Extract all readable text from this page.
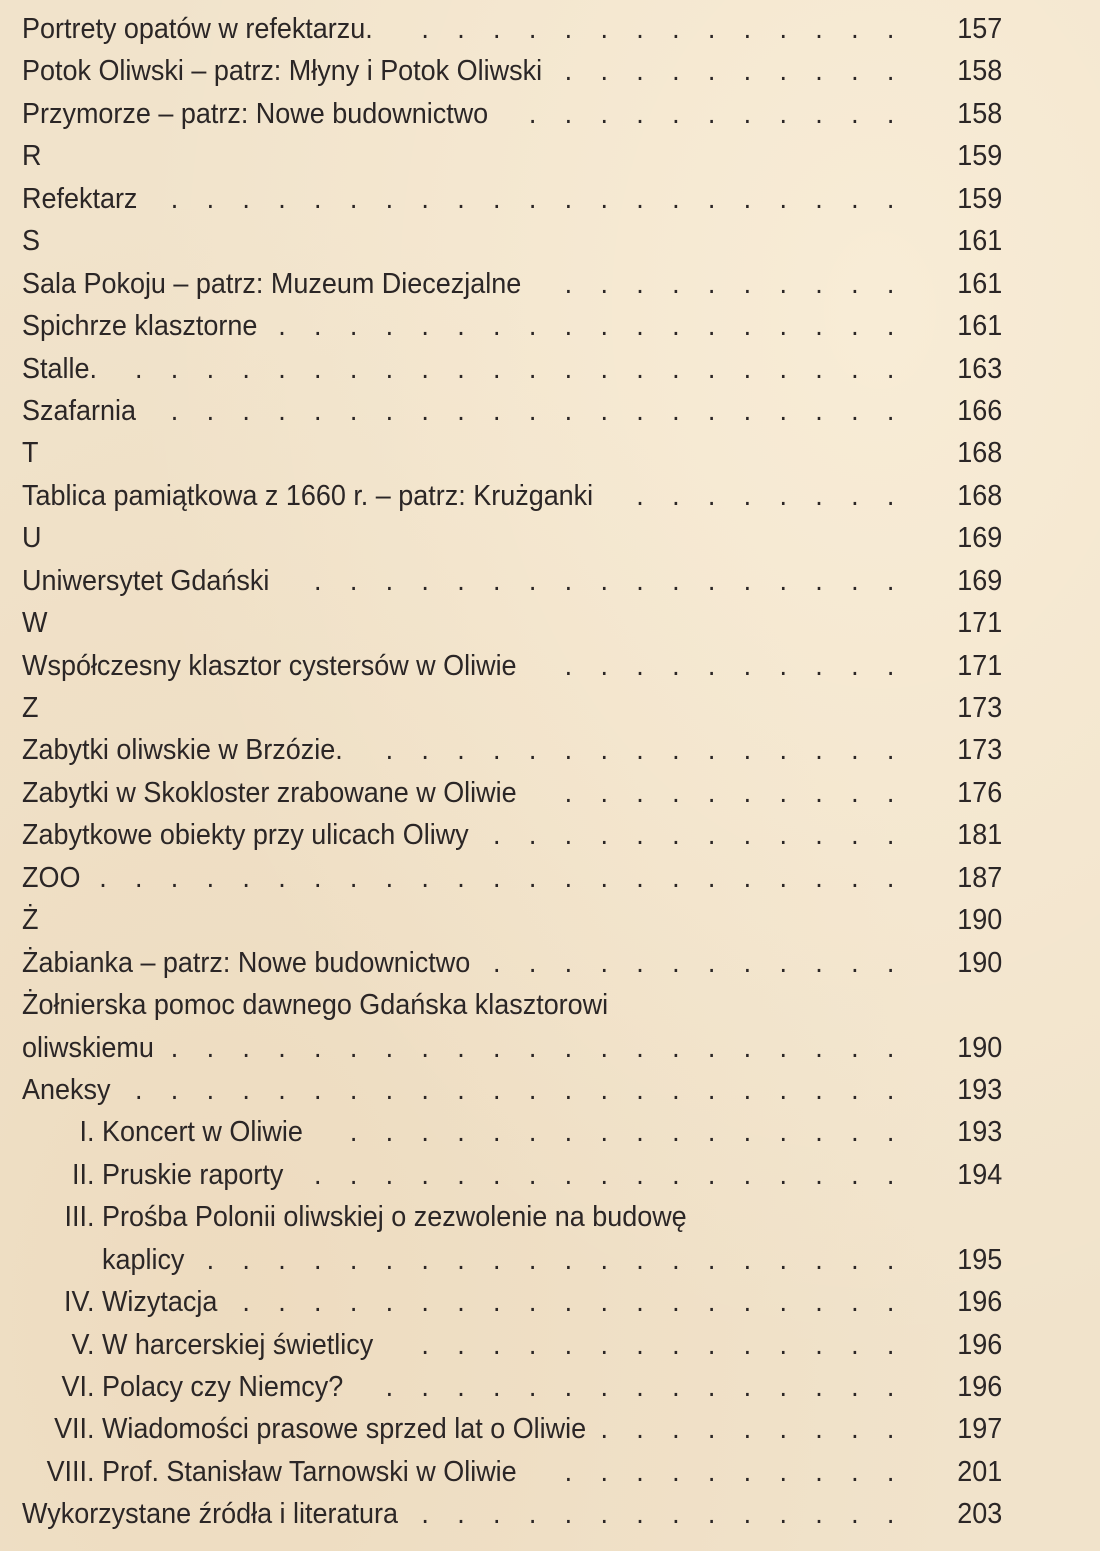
Portrety opatów w refektarzu.	157
.
.
.
.
.
.
.
.
.
.
.
.
.
.
Potok Oliwski – patrz: Młyny i Potok Oliwski	158
.
.
.
.
.
.
.
.
.
.
Przymorze – patrz: Nowe budownictwo	158
.
.
.
.
.
.
.
.
.
.
.
R	159
Refektarz	159
.
.
.
.
.
.
.
.
.
.
.
.
.
.
.
.
.
.
.
.
.
S	161
Sala Pokoju – patrz: Muzeum Diecezjalne	161
.
.
.
.
.
.
.
.
.
.
Spichrze klasztorne	161
.
.
.
.
.
.
.
.
.
.
.
.
.
.
.
.
.
.
Stalle.	163
.
.
.
.
.
.
.
.
.
.
.
.
.
.
.
.
.
.
.
.
.
.
Szafarnia	166
.
.
.
.
.
.
.
.
.
.
.
.
.
.
.
.
.
.
.
.
.
T	168
Tablica pamiątkowa z 1660 r. – patrz: Krużganki	168
.
.
.
.
.
.
.
.
U	169
Uniwersytet Gdański	169
.
.
.
.
.
.
.
.
.
.
.
.
.
.
.
.
.
W	171
Współczesny klasztor cystersów w Oliwie	171
.
.
.
.
.
.
.
.
.
.
Z	173
Zabytki oliwskie w Brzózie.	173
.
.
.
.
.
.
.
.
.
.
.
.
.
.
.
Zabytki w Skokloster zrabowane w Oliwie	176
.
.
.
.
.
.
.
.
.
.
Zabytkowe obiekty przy ulicach Oliwy	181
.
.
.
.
.
.
.
.
.
.
.
.
ZOO	187
.
.
.
.
.
.
.
.
.
.
.
.
.
.
.
.
.
.
.
.
.
.
.
Ż	190
Żabianka – patrz: Nowe budownictwo	190
.
.
.
.
.
.
.
.
.
.
.
.
Żołnierska pomoc dawnego Gdańska klasztorowi
oliwskiemu	190
.
.
.
.
.
.
.
.
.
.
.
.
.
.
.
.
.
.
.
.
.
Aneksy	193
.
.
.
.
.
.
.
.
.
.
.
.
.
.
.
.
.
.
.
.
.
.
I. Koncert w Oliwie	193
.
.
.
.
.
.
.
.
.
.
.
.
.
.
.
.
II. Pruskie raporty	194
.
.
.
.
.
.
.
.
.
.
.
.
.
.
.
.
.
III. Prośba Polonii oliwskiej o zezwolenie na budowę
kaplicy	195
.
.
.
.
.
.
.
.
.
.
.
.
.
.
.
.
.
.
.
.
IV. Wizytacja	196
.
.
.
.
.
.
.
.
.
.
.
.
.
.
.
.
.
.
.
V. W harcerskiej świetlicy	196
.
.
.
.
.
.
.
.
.
.
.
.
.
.
VI. Polacy czy Niemcy?	196
.
.
.
.
.
.
.
.
.
.
.
.
.
.
.
VII. Wiadomości prasowe sprzed lat o Oliwie	197
.
.
.
.
.
.
.
.
.
VIII. Prof. Stanisław Tarnowski w Oliwie	201
.
.
.
.
.
.
.
.
.
.
Wykorzystane źródła i literatura	203
.
.
.
.
.
.
.
.
.
.
.
.
.
.
